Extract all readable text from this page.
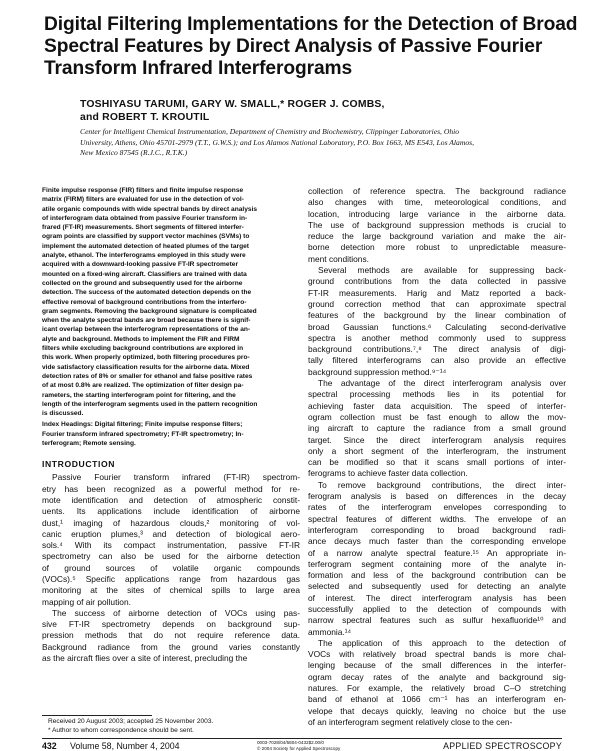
Digital Filtering Implementations for the Detection of Broad
Spectral Features by Direct Analysis of Passive Fourier
Transform Infrared Interferograms
TOSHIYASU TARUMI, GARY W. SMALL,* ROGER J. COMBS,
and ROBERT T. KROUTIL
Center for Intelligent Chemical Instrumentation, Department of Chemistry and Biochemistry, Clippinger Laboratories, Ohio
University, Athens, Ohio 45701-2979 (T.T., G.W.S.); and Los Alamos National Laboratory, P.O. Box 1663, MS E543, Los Alamos,
New Mexico 87545 (R.J.C., R.T.K.)
Finite impulse response (FIR) filters and finite impulse response
matrix (FIRM) filters are evaluated for use in the detection of vol-
atile organic compounds with wide spectral bands by direct analysis
of interferogram data obtained from passive Fourier transform in-
frared (FT-IR) measurements. Short segments of filtered interfer-
ogram points are classified by support vector machines (SVMs) to
implement the automated detection of heated plumes of the target
analyte, ethanol. The interferograms employed in this study were
acquired with a downward-looking passive FT-IR spectrometer
mounted on a fixed-wing aircraft. Classifiers are trained with data
collected on the ground and subsequently used for the airborne
detection. The success of the automated detection depends on the
effective removal of background contributions from the interfero-
gram segments. Removing the background signature is complicated
when the analyte spectral bands are broad because there is signif-
icant overlap between the interferogram representations of the an-
alyte and background. Methods to implement the FIR and FIRM
filters while excluding background contributions are explored in
this work. When properly optimized, both filtering procedures pro-
vide satisfactory classification results for the airborne data. Mixed
detection rates of 8% or smaller for ethanol and false positive rates
of at most 0.8% are realized. The optimization of filter design pa-
rameters, the starting interferogram point for filtering, and the
length of the interferogram segments used in the pattern recognition
is discussed.
Index Headings: Digital filtering; Finite impulse response filters;
Fourier transform infrared spectrometry; FT-IR spectrometry; In-
terferogram; Remote sensing.
INTRODUCTION
Passive Fourier transform infrared (FT-IR) spectrom-
etry has been recognized as a powerful method for re-
mote identification and detection of atmospheric constit-
uents. Its applications include identification of airborne
dust,¹ imaging of hazardous clouds,² monitoring of vol-
canic eruption plumes,³ and detection of biological aero-
sols.⁴ With its compact instrumentation, passive FT-IR
spectrometry can also be used for the airborne detection
of ground sources of volatile organic compounds
(VOCs).⁵ Specific applications range from hazardous gas
monitoring at the sites of chemical spills to large area
mapping of air pollution.
The success of airborne detection of VOCs using pas-
sive FT-IR spectrometry depends on background sup-
pression methods that do not require reference data.
Background radiance from the ground varies constantly
as the aircraft flies over a site of interest, precluding the
collection of reference spectra. The background radiance
also changes with time, meteorological conditions, and
location, introducing large variance in the airborne data.
The use of background suppression methods is crucial to
reduce the large background variation and make the air-
borne detection more robust to unpredictable measure-
ment conditions.
Several methods are available for suppressing back-
ground contributions from the data collected in passive
FT-IR measurements. Harig and Matz reported a back-
ground correction method that can approximate spectral
features of the background by the linear combination of
broad Gaussian functions.⁶ Calculating second-derivative
spectra is another method commonly used to suppress
background contributions.⁷,⁸ The direct analysis of digi-
tally filtered interferograms can also provide an effective
background suppression method.⁹⁻¹⁴
The advantage of the direct interferogram analysis over
spectral processing methods lies in its potential for
achieving faster data acquisition. The speed of interfer-
ogram collection must be fast enough to allow the mov-
ing aircraft to capture the radiance from a small ground
target. Since the direct interferogram analysis requires
only a short segment of the interferogram, the instrument
can be modified so that it scans small portions of inter-
ferograms to achieve faster data collection.
To remove background contributions, the direct inter-
ferogram analysis is based on differences in the decay
rates of the interferogram envelopes corresponding to
spectral features of different widths. The envelope of an
interferogram corresponding to broad background radi-
ance decays much faster than the corresponding envelope
of a narrow analyte spectral feature.¹⁵ An appropriate in-
terferogram segment containing more of the analyte in-
formation and less of the background contribution can be
selected and subsequently used for detecting an analyte
of interest. The direct interferogram analysis has been
successfully applied to the detection of compounds with
narrow spectral features such as sulfur hexafluoride¹⁰ and
ammonia.¹⁴
The application of this approach to the detection of
VOCs with relatively broad spectral bands is more chal-
lenging because of the small differences in the interfer-
ogram decay rates of the analyte and background sig-
natures. For example, the relatively broad C–O stretching
band of ethanol at 1066 cm⁻¹ has an interferogram en-
velope that decays quickly, leaving no choice but the use
of an interferogram segment relatively close to the cen-
Received 20 August 2003; accepted 25 November 2003.
* Author to whom correspondence should be sent.
432 Volume 58, Number 4, 2004	0003-7028/04/5804-0432$2.00/0
© 2004 Society for Applied Spectroscopy	APPLIED SPECTROSCOPY
